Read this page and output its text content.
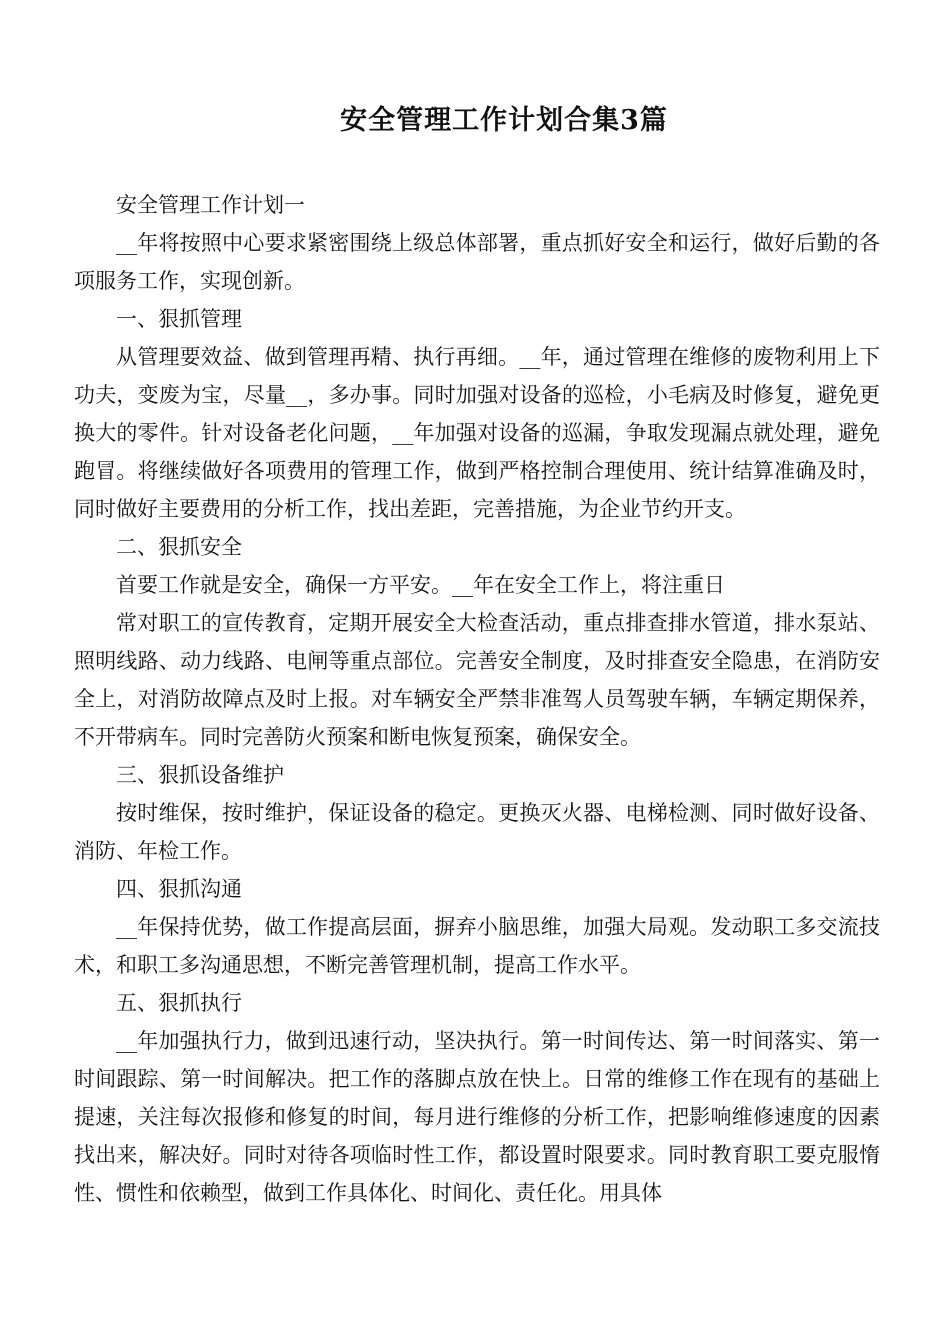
安全管理工作计划合集3篇

安全管理工作计划一

__年将按照中心要求紧密围绕上级总体部署，重点抓好安全和运行，做好后勤的各项服务工作，实现创新。

一、狠抓管理

从管理要效益、做到管理再精、执行再细。__年，通过管理在维修的废物利用上下功夫，变废为宝，尽量__，多办事。同时加强对设备的巡检，小毛病及时修复，避免更换大的零件。针对设备老化问题，__年加强对设备的巡漏，争取发现漏点就处理，避免跑冒。将继续做好各项费用的管理工作，做到严格控制合理使用、统计结算准确及时，同时做好主要费用的分析工作，找出差距，完善措施，为企业节约开支。

二、狠抓安全

首要工作就是安全，确保一方平安。__年在安全工作上，将注重日

常对职工的宣传教育，定期开展安全大检查活动，重点排查排水管道，排水泵站、照明线路、动力线路、电闸等重点部位。完善安全制度，及时排查安全隐患，在消防安全上，对消防故障点及时上报。对车辆安全严禁非准驾人员驾驶车辆，车辆定期保养，不开带病车。同时完善防火预案和断电恢复预案，确保安全。

三、狠抓设备维护

按时维保，按时维护，保证设备的稳定。更换灭火器、电梯检测、同时做好设备、消防、年检工作。

四、狠抓沟通

__年保持优势，做工作提高层面，摒弃小脑思维，加强大局观。发动职工多交流技术，和职工多沟通思想，不断完善管理机制，提高工作水平。

五、狠抓执行

__年加强执行力，做到迅速行动，坚决执行。第一时间传达、第一时间落实、第一时间跟踪、第一时间解决。把工作的落脚点放在快上。日常的维修工作在现有的基础上提速，关注每次报修和修复的时间，每月进行维修的分析工作，把影响维修速度的因素找出来，解决好。同时对待各项临时性工作，都设置时限要求。同时教育职工要克服惰性、惯性和依赖型，做到工作具体化、时间化、责任化。用具体
